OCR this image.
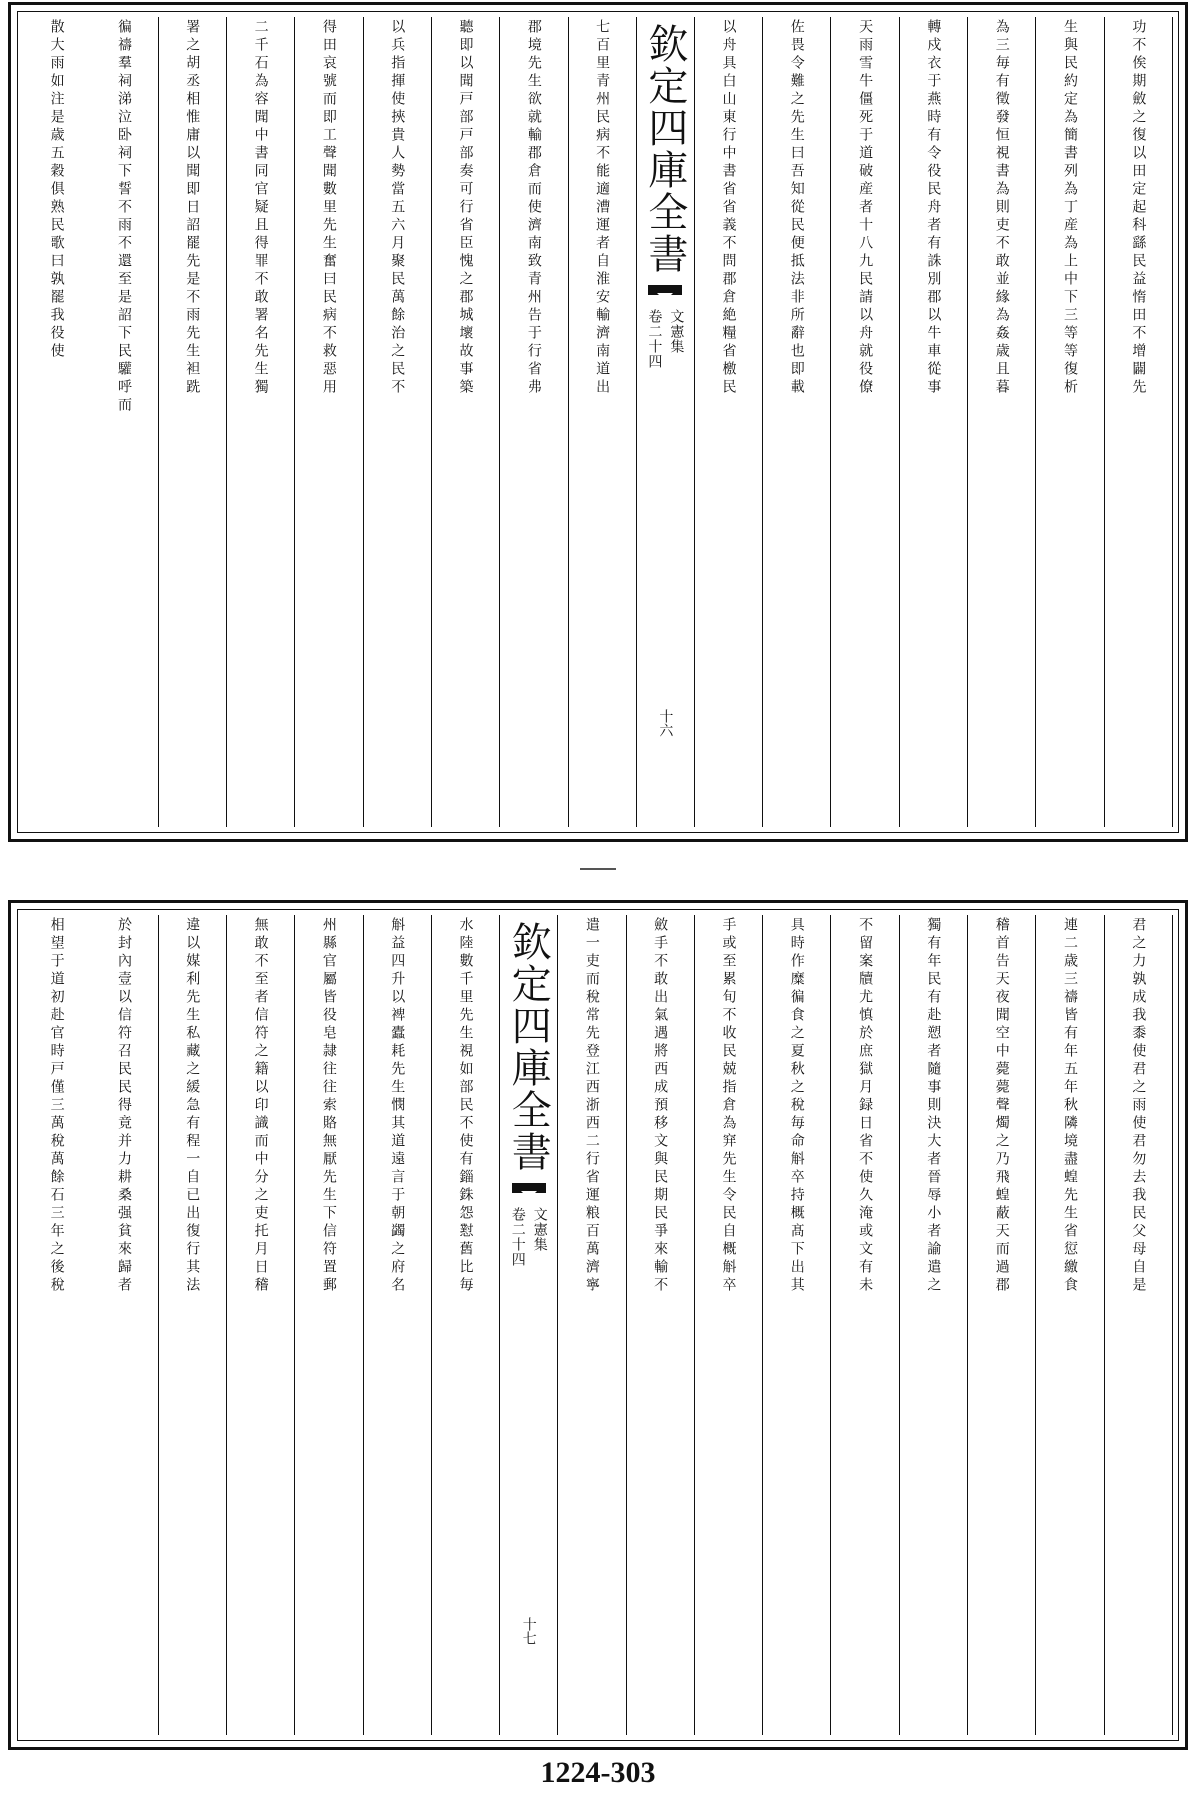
功不俟期斂之復以田定起科繇民益惰田不增闢先
生與民約定為簡書列為丁産為上中下三等等復析
為三毎有徵發恒視書為則吏不敢並緣為姦歳且暮
轉戍衣于燕時有令役民舟者有誅別郡以牛車從事
天雨雪牛僵死于道破産者十八九民請以舟就役僚
佐畏令難之先生曰吾知從民便抵法非所辭也即載
以舟具白山東行中書省省義不問郡倉絶糧省檄民
欽定四庫全書
文憲集
卷二十四
十六
七百里青州民病不能適漕運者自淮安輸濟南道出
郡境先生欲就輸郡倉而使濟南致青州告于行省弗
聽即以聞戸部戸部奏可行省臣愧之郡城壞故事築
以兵指揮使挾貴人勢當五六月聚民萬餘治之民不
得田哀號而即工聲聞數里先生奮曰民病不救惡用
二千石為容聞中書同官疑且得罪不敢署名先生獨
署之胡丞相惟庸以聞即日詔罷先是不雨先生袒跣
徧禱羣祠涕泣卧祠下誓不雨不還至是詔下民驩呼而
散大雨如注是歳五穀俱熟民歌曰孰罷我役使
君之力孰成我黍使君之雨使君勿去我民父母自是
連二歳三禱皆有年五年秋隣境盡蝗先生省愆繳食
稽首告天夜聞空中薨薨聲燭之乃飛蝗蔽天而過郡
獨有年民有赴愬者隨事則決大者晉辱小者諭遣之
不留案牘尤慎於庶獄月録日省不使久淹或文有未
具時作糜徧食之夏秋之稅毎命斛卒持概髙下出其
手或至累旬不收民兢指倉為穽先生令民自概斛卒
斂手不敢出氣遇將西成預移文與民期民爭來輸不
遣一吏而稅常先登江西浙西二行省運粮百萬濟寧
欽定四庫全書
文憲集
卷二十四
十七
水陸數千里先生視如部民不使有錙銖怨懟舊比毎
斛益四升以裨蠹耗先生憫其道遠言于朝蠲之府名
州縣官屬皆役皂隷往往索賂無厭先生下信符置郵
無敢不至者信符之籍以印識而中分之吏托月日稽
違以媒利先生私藏之緩急有程一自已出復行其法
於封內壹以信符召民民得竟并力耕桑强貧來歸者
相望于道初赴官時戸僅三萬稅萬餘石三年之後稅
1224-303
